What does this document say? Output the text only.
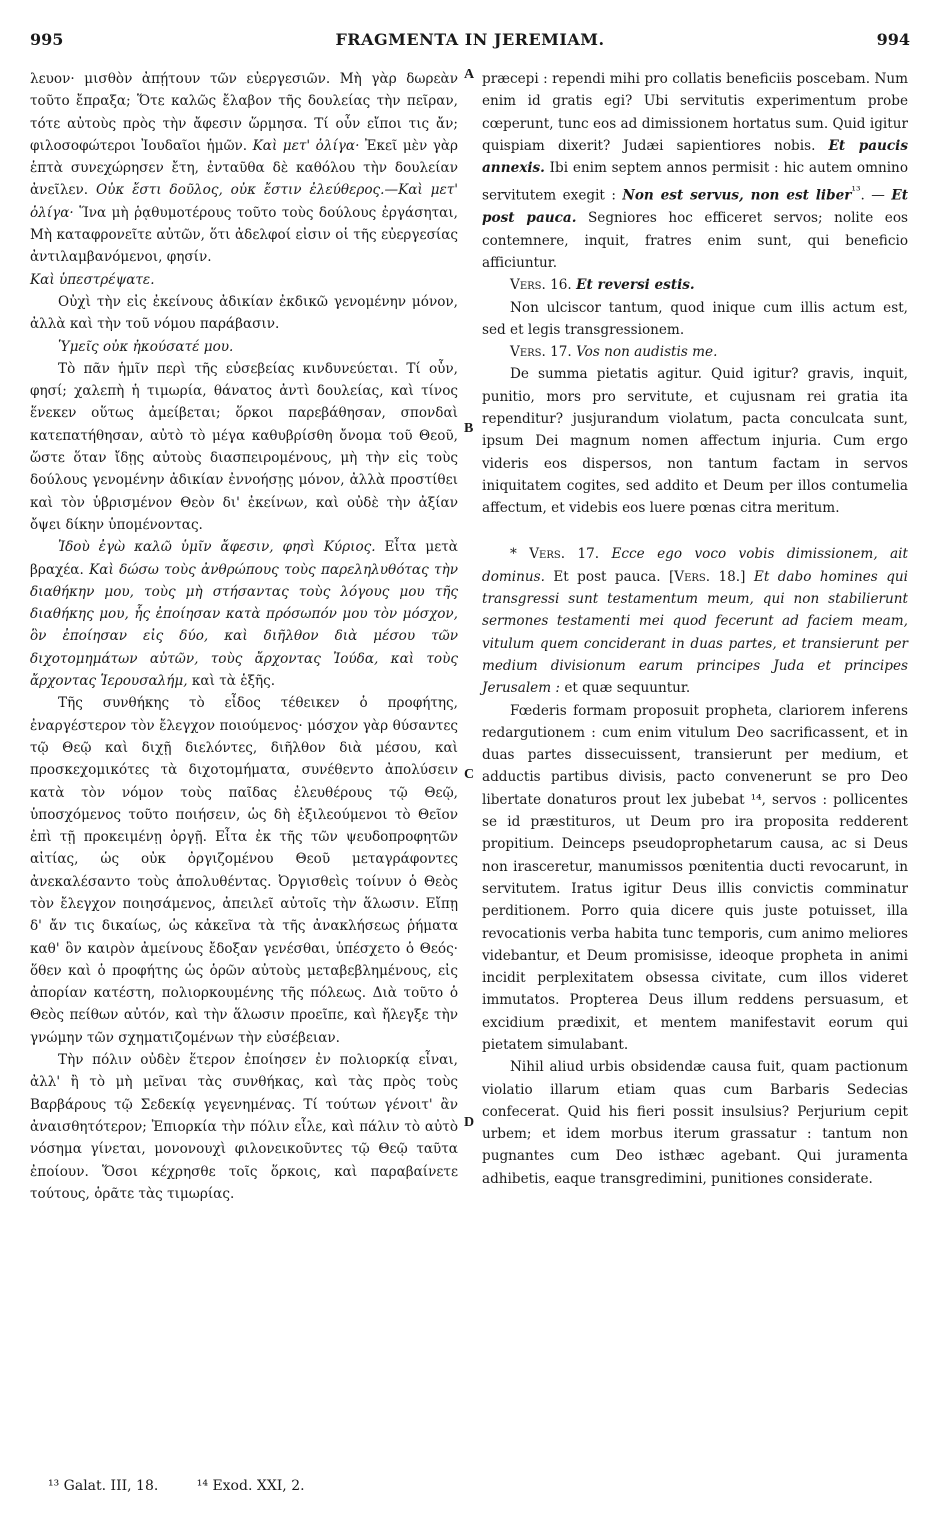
995	FRAGMENTA IN JEREMIAM.	994
A
B
C
D

λευον· μισθὸν ἀπῄτουν τῶν εὐεργεσιῶν. Μὴ γὰρ δωρεὰν τοῦτο ἔπραξα; Ὅτε καλῶς ἔλαβον τῆς δουλείας τὴν πεῖραν, τότε αὐτοὺς πρὸς τὴν ἄφεσιν ὥρμησα. Τί οὖν εἴποι τις ἄν; φιλοσοφώτεροι Ἰουδαῖοι ἡμῶν. Καὶ μετ' ὀλίγα· Ἐκεῖ μὲν γὰρ ἑπτὰ συνεχώρησεν ἔτη, ἐνταῦθα δὲ καθόλου τὴν δουλείαν ἀνεῖλεν. Οὐκ ἔστι δοῦλος, οὐκ ἔστιν ἐλεύθερος.—Καὶ μετ' ὀλίγα· Ἵνα μὴ ῥᾳθυμοτέρους τοῦτο τοὺς δούλους ἐργάσηται, Μὴ καταφρονεῖτε αὐτῶν, ὅτι ἀδελφοί εἰσιν οἱ τῆς εὐεργεσίας ἀντιλαμβανόμενοι, φησίν.

Καὶ ὑπεστρέψατε.

Οὐχὶ τὴν εἰς ἐκείνους ἀδικίαν ἐκδικῶ γενομένην μόνον, ἀλλὰ καὶ τὴν τοῦ νόμου παράβασιν.

Ὑμεῖς οὐκ ἠκούσατέ μου.

Τὸ πᾶν ἡμῖν περὶ τῆς εὐσεβείας κινδυνεύεται. Τί οὖν, φησί; χαλεπὴ ἡ τιμωρία, θάνατος ἀντὶ δουλείας, καὶ τίνος ἕνεκεν οὕτως ἀμείβεται; ὅρκοι παρεβάθησαν, σπονδαὶ κατεπατήθησαν, αὐτὸ τὸ μέγα καθυβρίσθη ὄνομα τοῦ Θεοῦ, ὥστε ὅταν ἴδῃς αὐτοὺς διασπειρομένους, μὴ τὴν εἰς τοὺς δούλους γενομένην ἀδικίαν ἐννοήσῃς μόνον, ἀλλὰ προστίθει καὶ τὸν ὑβρισμένον Θεὸν δι' ἐκείνων, καὶ οὐδὲ τὴν ἀξίαν ὄψει δίκην ὑπομένοντας.

Ἰδοὺ ἐγὼ καλῶ ὑμῖν ἄφεσιν, φησὶ Κύριος. Εἶτα μετὰ βραχέα. Καὶ δώσω τοὺς ἀνθρώπους τοὺς παρεληλυθότας τὴν διαθήκην μου, τοὺς μὴ στήσαντας τοὺς λόγους μου τῆς διαθήκης μου, ἧς ἐποίησαν κατὰ πρόσωπόν μου τὸν μόσχον, ὃν ἐποίησαν εἰς δύο, καὶ διῆλθον διὰ μέσου τῶν διχοτομημάτων αὐτῶν, τοὺς ἄρχοντας Ἰούδα, καὶ τοὺς ἄρχοντας Ἱερουσαλήμ, καὶ τὰ ἑξῆς.

Τῆς συνθήκης τὸ εἶδος τέθεικεν ὁ προφήτης, ἐναργέστερον τὸν ἔλεγχον ποιούμενος· μόσχον γὰρ θύσαντες τῷ Θεῷ καὶ διχῇ διελόντες, διῆλθον διὰ μέσου, καὶ προσκεχομικότες τὰ διχοτομήματα, συνέθεντο ἀπολύσειν κατὰ τὸν νόμον τοὺς παῖδας ἐλευθέρους τῷ Θεῷ, ὑποσχόμενος τοῦτο ποιήσειν, ὡς δὴ ἐξιλεούμενοι τὸ Θεῖον ἐπὶ τῇ προκειμένῃ ὀργῇ. Εἶτα ἐκ τῆς τῶν ψευδοπροφητῶν αἰτίας, ὡς οὐκ ὀργιζομένου Θεοῦ μεταγράφοντες ἀνεκαλέσαντο τοὺς ἀπολυθέντας. Ὀργισθεὶς τοίνυν ὁ Θεὸς τὸν ἔλεγχον ποιησάμενος, ἀπειλεῖ αὐτοῖς τὴν ἅλωσιν. Εἴπῃ δ' ἄν τις δικαίως, ὡς κἀκεῖνα τὰ τῆς ἀνακλήσεως ῥήματα καθ' ὃν καιρὸν ἀμείνους ἔδοξαν γενέσθαι, ὑπέσχετο ὁ Θεός· ὅθεν καὶ ὁ προφήτης ὡς ὁρῶν αὐτοὺς μεταβεβλημένους, εἰς ἀπορίαν κατέστη, πολιορκουμένης τῆς πόλεως. Διὰ τοῦτο ὁ Θεὸς πείθων αὐτόν, καὶ τὴν ἅλωσιν προεῖπε, καὶ ἤλεγξε τὴν γνώμην τῶν σχηματιζομένων τὴν εὐσέβειαν.

Τὴν πόλιν οὐδὲν ἕτερον ἐποίησεν ἐν πολιορκίᾳ εἶναι, ἀλλ' ἢ τὸ μὴ μεῖναι τὰς συνθήκας, καὶ τὰς πρὸς τοὺς Βαρβάρους τῷ Σεδεκίᾳ γεγενημένας. Τί τούτων γένοιτ' ἂν ἀναισθητότερον; Ἐπιορκία τὴν πόλιν εἷλε, καὶ πάλιν τὸ αὐτὸ νόσημα γίνεται, μονονουχὶ φιλονεικοῦντες τῷ Θεῷ ταῦτα ἐποίουν. Ὅσοι κέχρησθε τοῖς ὅρκοις, καὶ παραβαίνετε τούτους, ὁρᾶτε τὰς τιμωρίας.

præcepi : rependi mihi pro collatis beneficiis poscebam. Num enim id gratis egi? Ubi servitutis experimentum probe cœperunt, tunc eos ad dimissionem hortatus sum. Quid igitur quispiam dixerit? Judæi sapientiores nobis. Et paucis annexis. Ibi enim septem annos permisit : hic autem omnino servitutem exegit : Non est servus, non est liber$^{^{13}}$. — Et post pauca. Segniores hoc efficeret servos; nolite eos contemnere, inquit, fratres enim sunt, qui beneficio afficiuntur.

Vers. 16. Et reversi estis.

Non ulciscor tantum, quod inique cum illis actum est, sed et legis transgressionem.

Vers. 17. Vos non audistis me.

De summa pietatis agitur. Quid igitur? gravis, inquit, punitio, mors pro servitute, et cujusnam rei gratia ita rependitur? jusjurandum violatum, pacta conculcata sunt, ipsum Dei magnum nomen affectum injuria. Cum ergo videris eos dispersos, non tantum factam in servos iniquitatem cogites, sed addito et Deum per illos contumelia affectum, et videbis eos luere pœnas citra meritum.

* Vers. 17. Ecce ego voco vobis dimissionem, ait dominus. Et post pauca. [Vers. 18.] Et dabo homines qui transgressi sunt testamentum meum, qui non stabilierunt sermones testamenti mei quod fecerunt ad faciem meam, vitulum quem conciderant in duas partes, et transierunt per medium divisionum earum principes Juda et principes Jerusalem : et quæ sequuntur.

Fœderis formam proposuit propheta, clariorem inferens redargutionem : cum enim vitulum Deo sacrificassent, et in duas partes dissecuissent, transierunt per medium, et adductis partibus divisis, pacto convenerunt se pro Deo libertate donaturos prout lex jubebat ¹⁴, servos : pollicentes se id præstituros, ut Deum pro ira proposita redderent propitium. Deinceps pseudoprophetarum causa, ac si Deus non irasceretur, manumissos pœnitentia ducti revocarunt, in servitutem. Iratus igitur Deus illis convictis comminatur perditionem. Porro quia dicere quis juste potuisset, illa revocationis verba habita tunc temporis, cum animo meliores videbantur, et Deum promisisse, ideoque propheta in animi incidit perplexitatem obsessa civitate, cum illos videret immutatos. Propterea Deus illum reddens persuasum, et excidium prædixit, et mentem manifestavit eorum qui pietatem simulabant.

Nihil aliud urbis obsidendæ causa fuit, quam pactionum violatio illarum etiam quas cum Barbaris Sedecias confecerat. Quid his fieri possit insulsius? Perjurium cepit urbem; et idem morbus iterum grassatur : tantum non pugnantes cum Deo isthæc agebant. Qui juramenta adhibetis, eaque transgredimini, punitiones considerate.

¹³ Galat. III, 18.	¹⁴ Exod. XXI, 2.
